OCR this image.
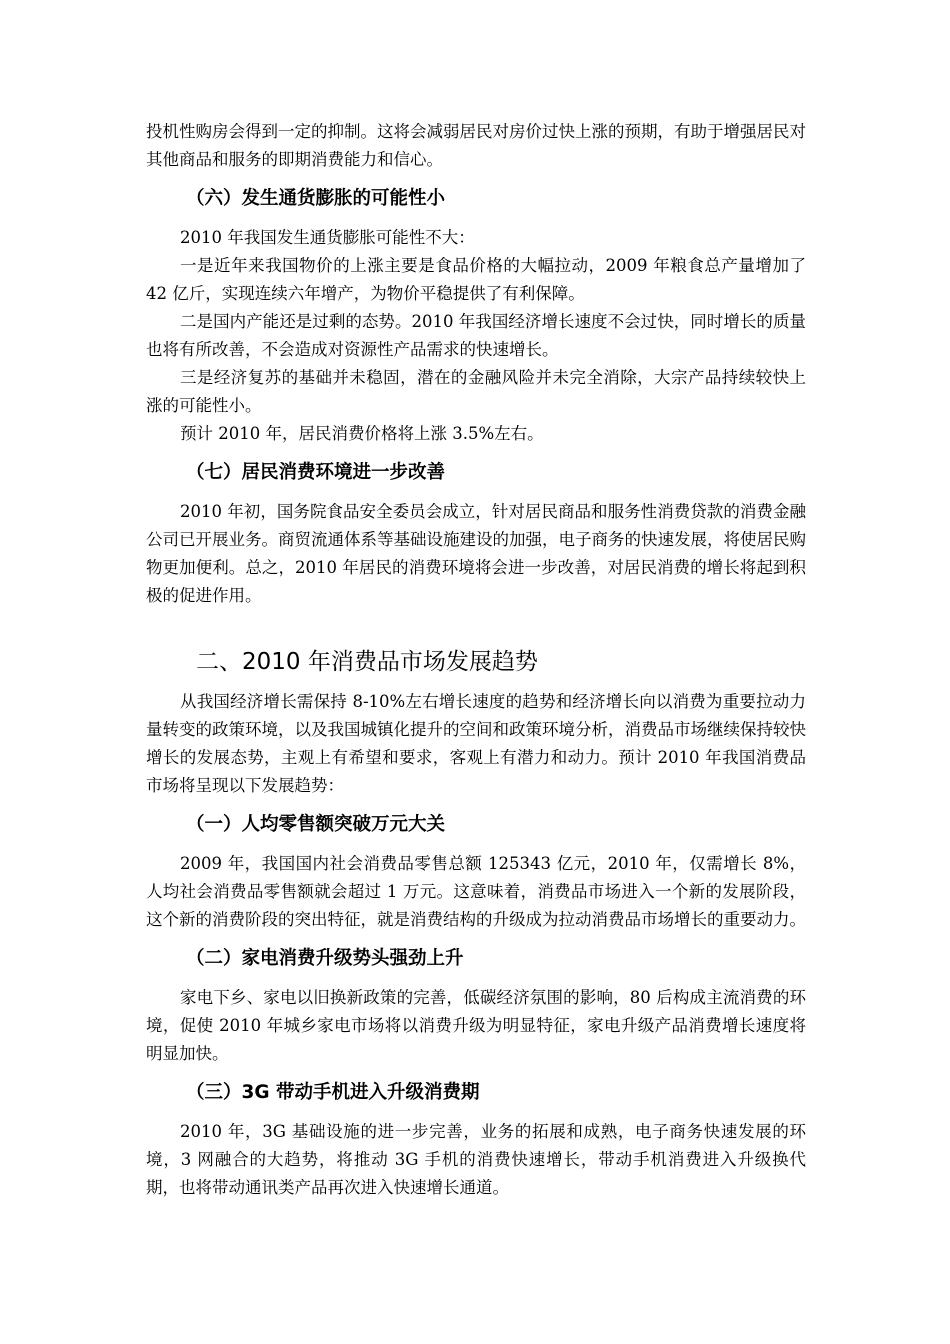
投机性购房会得到一定的抑制。这将会减弱居民对房价过快上涨的预期，有助于增强居民对其他商品和服务的即期消费能力和信心。

（六）发生通货膨胀的可能性小

2010 年我国发生通货膨胀可能性不大：

一是近年来我国物价的上涨主要是食品价格的大幅拉动，2009 年粮食总产量增加了 42 亿斤，实现连续六年增产，为物价平稳提供了有利保障。

二是国内产能还是过剩的态势。2010 年我国经济增长速度不会过快，同时增长的质量也将有所改善，不会造成对资源性产品需求的快速增长。

三是经济复苏的基础并未稳固，潜在的金融风险并未完全消除，大宗产品持续较快上涨的可能性小。

预计 2010 年，居民消费价格将上涨 3.5%左右。

（七）居民消费环境进一步改善

2010 年初，国务院食品安全委员会成立，针对居民商品和服务性消费贷款的消费金融公司已开展业务。商贸流通体系等基础设施建设的加强，电子商务的快速发展，将使居民购物更加便利。总之，2010 年居民的消费环境将会进一步改善，对居民消费的增长将起到积极的促进作用。

二、2010 年消费品市场发展趋势

从我国经济增长需保持 8-10%左右增长速度的趋势和经济增长向以消费为重要拉动力量转变的政策环境，以及我国城镇化提升的空间和政策环境分析，消费品市场继续保持较快增长的发展态势，主观上有希望和要求，客观上有潜力和动力。预计 2010 年我国消费品市场将呈现以下发展趋势：

（一）人均零售额突破万元大关

2009 年，我国国内社会消费品零售总额 125343 亿元，2010 年，仅需增长 8%，人均社会消费品零售额就会超过 1 万元。这意味着，消费品市场进入一个新的发展阶段，这个新的消费阶段的突出特征，就是消费结构的升级成为拉动消费品市场增长的重要动力。

（二）家电消费升级势头强劲上升

家电下乡、家电以旧换新政策的完善，低碳经济氛围的影响，80 后构成主流消费的环境，促使 2010 年城乡家电市场将以消费升级为明显特征，家电升级产品消费增长速度将明显加快。

（三）3G 带动手机进入升级消费期

2010 年，3G 基础设施的进一步完善，业务的拓展和成熟，电子商务快速发展的环境，3 网融合的大趋势，将推动 3G 手机的消费快速增长，带动手机消费进入升级换代期，也将带动通讯类产品再次进入快速增长通道。
